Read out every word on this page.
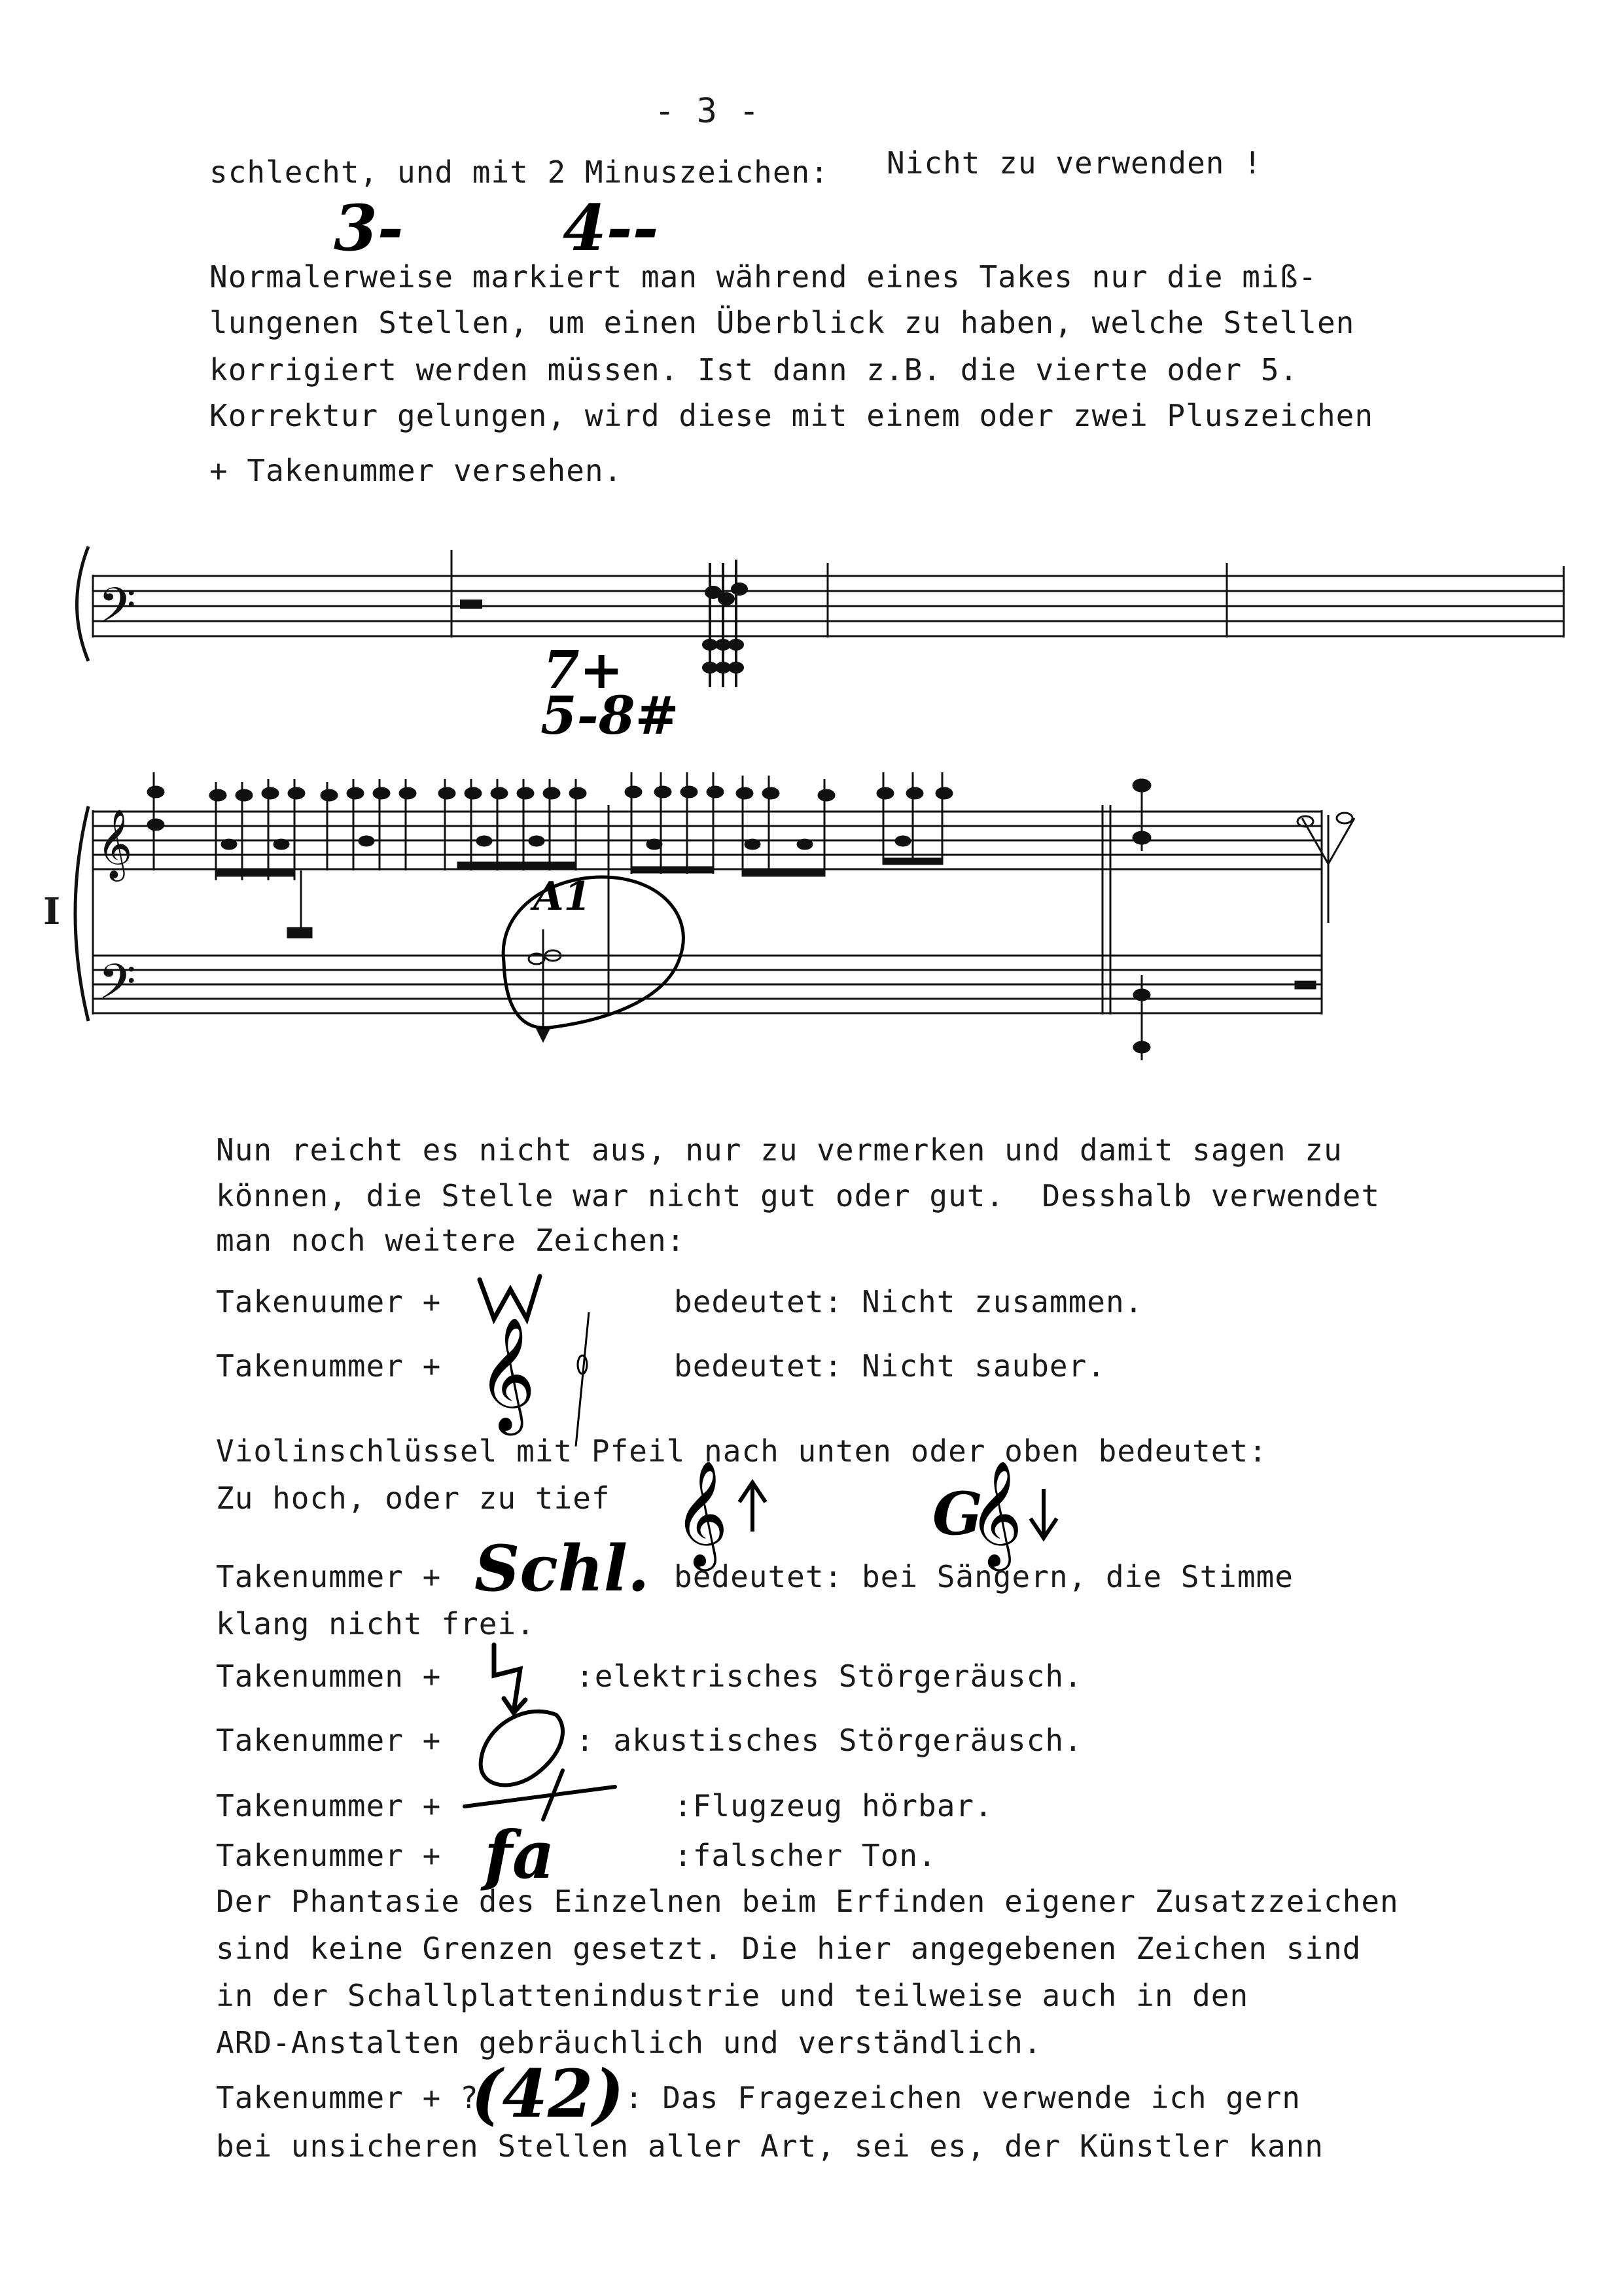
- 3 -
schlecht, und mit 2 Minuszeichen: Nicht zu verwenden !
3-	4--
Normalerweise markiert man während eines Takes nur die miß-
lungenen Stellen, um einen Überblick zu haben, welche Stellen
korrigiert werden müssen. Ist dann z.B. die vierte oder 5.
Korrektur gelungen, wird diese mit einem oder zwei Pluszeichen
+ Takenummer versehen.
𝄢
𝄞
𝄢
7+
5-8#
A1
I
Nun reicht es nicht aus, nur zu vermerken und damit sagen zu
können, die Stelle war nicht gut oder gut.  Desshalb verwendet
man noch weitere Zeichen:
Takenuumer +	bedeutet: Nicht zusammen.
Takenummer +	bedeutet: Nicht sauber.
𝄞
Violinschlüssel mit Pfeil nach unten oder oben bedeutet:
Zu hoch, oder zu tief 𝄞	G
𝄞
Takenummer + Schl. bedeutet: bei Sängern, die Stimme
klang nicht frei.
Takenummen +	:elektrisches Störgeräusch.
Takenummer +	: akustisches Störgeräusch.
Takenummer +	:Flugzeug hörbar.
Takenummer + fa	:falscher Ton.
Der Phantasie des Einzelnen beim Erfinden eigener Zusatzzeichen
sind keine Grenzen gesetzt. Die hier angegebenen Zeichen sind
in der Schallplattenindustrie und teilweise auch in den
ARD-Anstalten gebräuchlich und verständlich.
Takenummer + ?
(42) : Das Fragezeichen verwende ich gern
bei unsicheren Stellen aller Art, sei es, der Künstler kann
